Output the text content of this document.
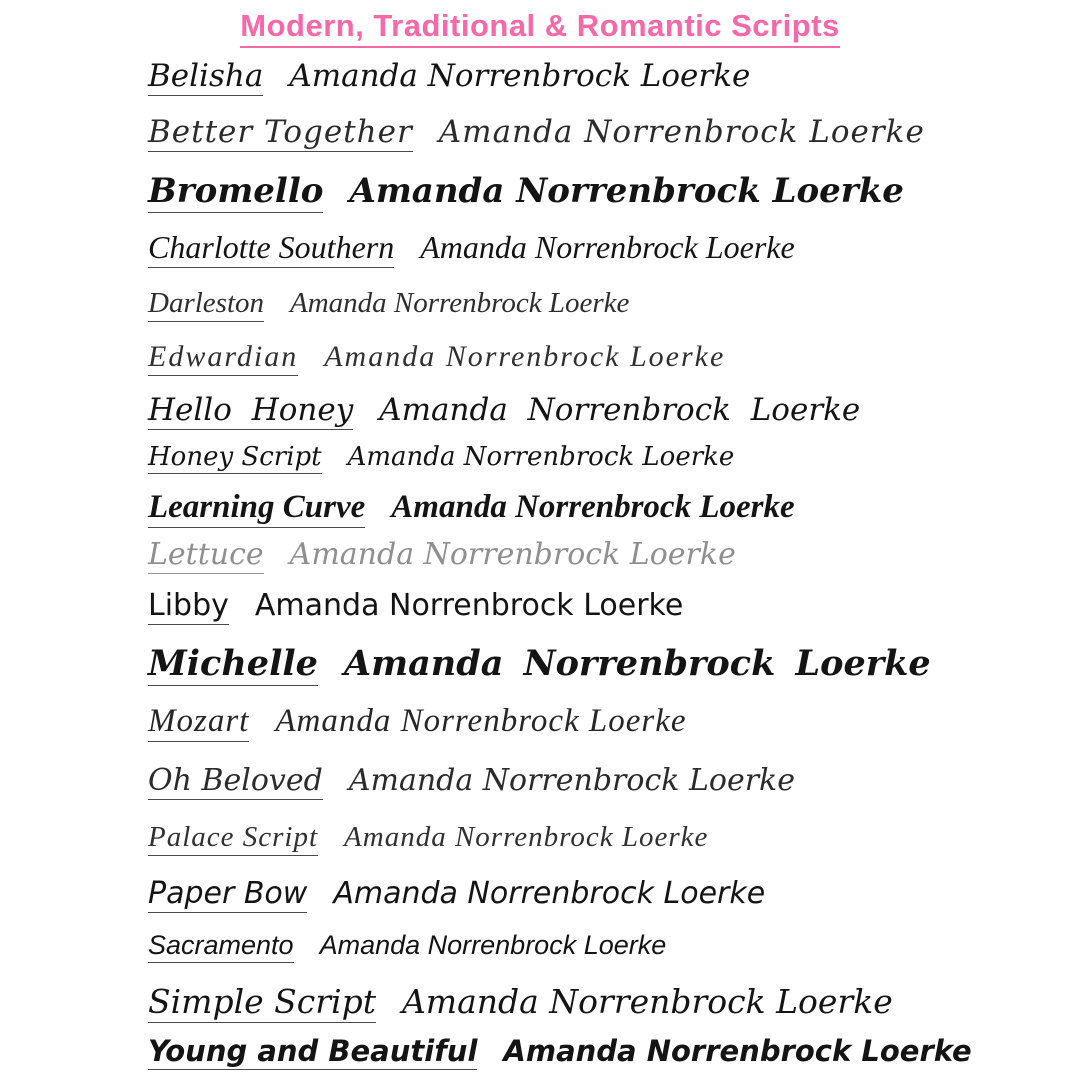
Modern, Traditional & Romantic Scripts
Belisha Amanda Norrenbrock Loerke
Better Together Amanda Norrenbrock Loerke
Bromello Amanda Norrenbrock Loerke
Charlotte Southern Amanda Norrenbrock Loerke
Darleston Amanda Norrenbrock Loerke
Edwardian Amanda Norrenbrock Loerke
Hello Honey Amanda Norrenbrock Loerke
Honey Script Amanda Norrenbrock Loerke
Learning Curve Amanda Norrenbrock Loerke
Lettuce Amanda Norrenbrock Loerke
Libby Amanda Norrenbrock Loerke
Michelle Amanda Norrenbrock Loerke
Mozart Amanda Norrenbrock Loerke
Oh Beloved Amanda Norrenbrock Loerke
Palace Script Amanda Norrenbrock Loerke
Paper Bow Amanda Norrenbrock Loerke
Sacramento Amanda Norrenbrock Loerke
Simple Script Amanda Norrenbrock Loerke
Young and Beautiful Amanda Norrenbrock Loerke
